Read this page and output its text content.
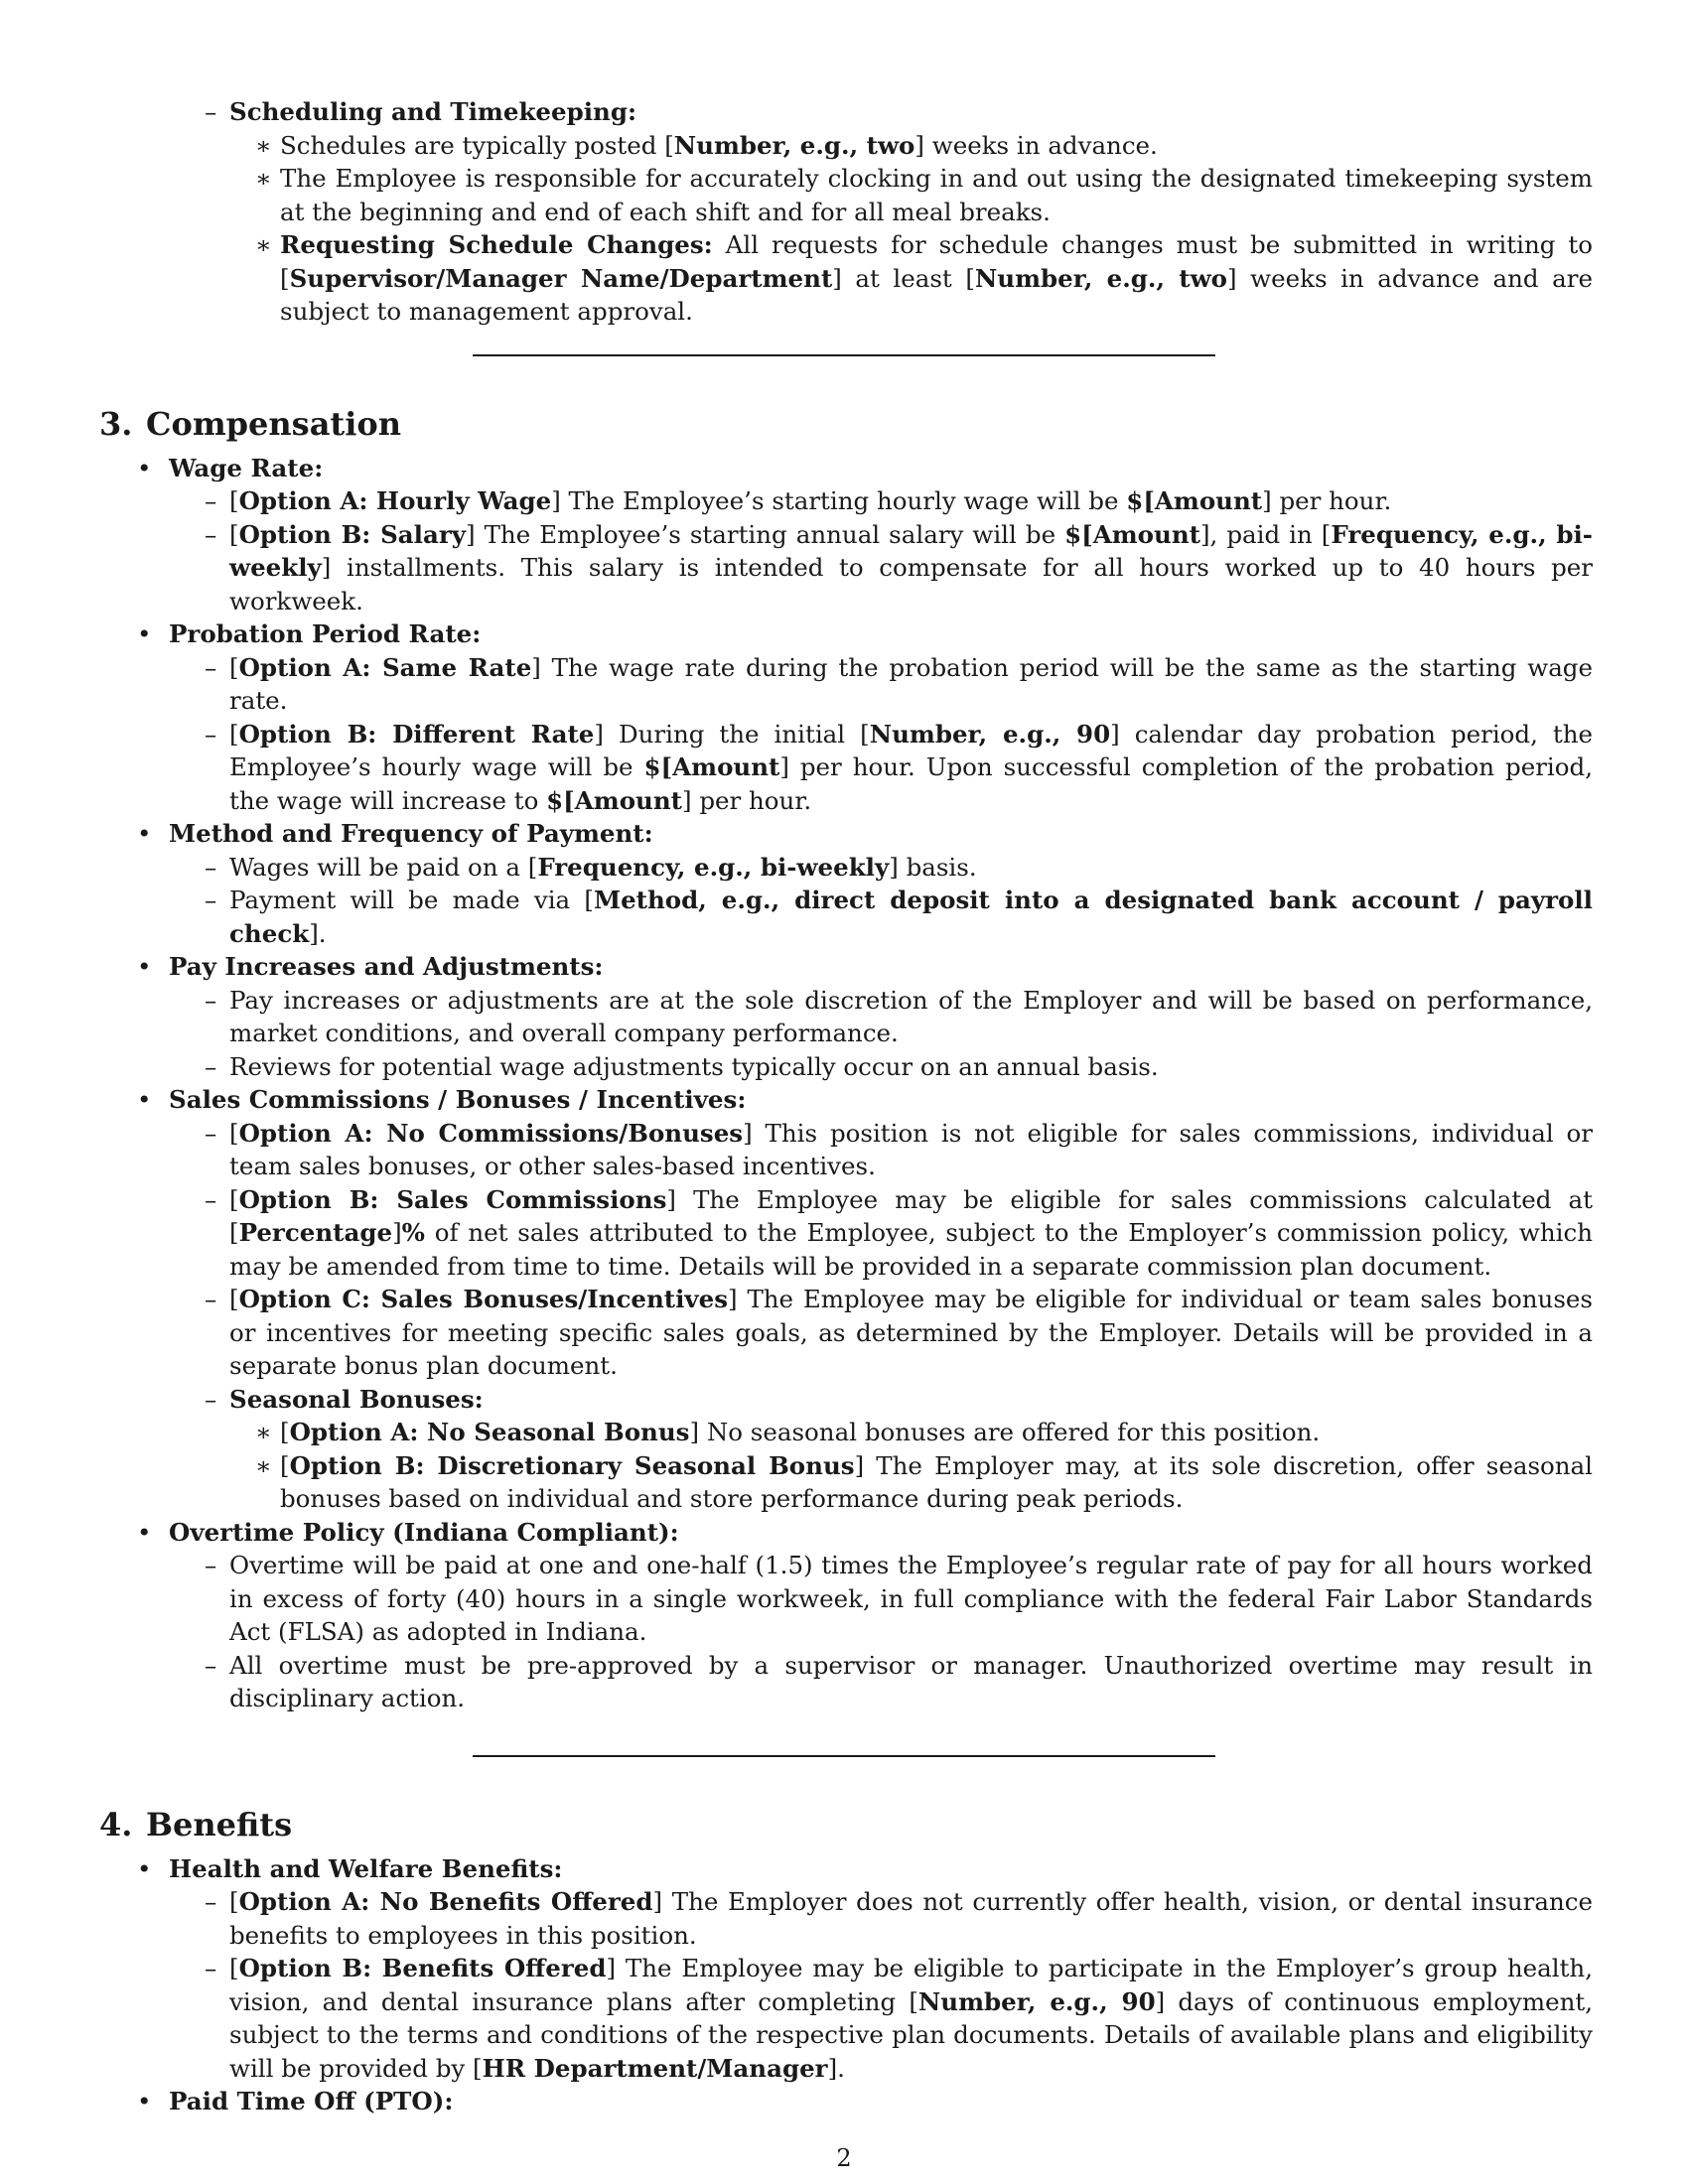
– Scheduling and Timekeeping:
∗ Schedules are typically posted [Number, e.g., two] weeks in advance.
∗ The Employee is responsible for accurately clocking in and out using the designated timekeeping system at the beginning and end of each shift and for all meal breaks.
∗ Requesting Schedule Changes: All requests for schedule changes must be submitted in writing to [Supervisor/Manager Name/Department] at least [Number, e.g., two] weeks in advance and are subject to management approval.
3. Compensation
• Wage Rate:
– [Option A: Hourly Wage] The Employee’s starting hourly wage will be $[Amount] per hour.
– [Option B: Salary] The Employee’s starting annual salary will be $[Amount], paid in [Frequency, e.g., bi-weekly] installments. This salary is intended to compensate for all hours worked up to 40 hours per workweek.
• Probation Period Rate:
– [Option A: Same Rate] The wage rate during the probation period will be the same as the starting wage rate.
– [Option B: Different Rate] During the initial [Number, e.g., 90] calendar day probation period, the Employee’s hourly wage will be $[Amount] per hour. Upon successful completion of the probation period, the wage will increase to $[Amount] per hour.
• Method and Frequency of Payment:
– Wages will be paid on a [Frequency, e.g., bi-weekly] basis.
– Payment will be made via [Method, e.g., direct deposit into a designated bank account / payroll check].
• Pay Increases and Adjustments:
– Pay increases or adjustments are at the sole discretion of the Employer and will be based on performance, market conditions, and overall company performance.
– Reviews for potential wage adjustments typically occur on an annual basis.
• Sales Commissions / Bonuses / Incentives:
– [Option A: No Commissions/Bonuses] This position is not eligible for sales commissions, individual or team sales bonuses, or other sales-based incentives.
– [Option B: Sales Commissions] The Employee may be eligible for sales commissions calculated at [Percentage]% of net sales attributed to the Employee, subject to the Employer’s commission policy, which may be amended from time to time. Details will be provided in a separate commission plan document.
– [Option C: Sales Bonuses/Incentives] The Employee may be eligible for individual or team sales bonuses or incentives for meeting specific sales goals, as determined by the Employer. Details will be provided in a separate bonus plan document.
– Seasonal Bonuses:
∗ [Option A: No Seasonal Bonus] No seasonal bonuses are offered for this position.
∗ [Option B: Discretionary Seasonal Bonus] The Employer may, at its sole discretion, offer seasonal bonuses based on individual and store performance during peak periods.
• Overtime Policy (Indiana Compliant):
– Overtime will be paid at one and one-half (1.5) times the Employee’s regular rate of pay for all hours worked in excess of forty (40) hours in a single workweek, in full compliance with the federal Fair Labor Standards Act (FLSA) as adopted in Indiana.
– All overtime must be pre-approved by a supervisor or manager. Unauthorized overtime may result in disciplinary action.
4. Benefits
• Health and Welfare Benefits:
– [Option A: No Benefits Offered] The Employer does not currently offer health, vision, or dental insurance benefits to employees in this position.
– [Option B: Benefits Offered] The Employee may be eligible to participate in the Employer’s group health, vision, and dental insurance plans after completing [Number, e.g., 90] days of continuous employment, subject to the terms and conditions of the respective plan documents. Details of available plans and eligibility will be provided by [HR Department/Manager].
• Paid Time Off (PTO):
2
